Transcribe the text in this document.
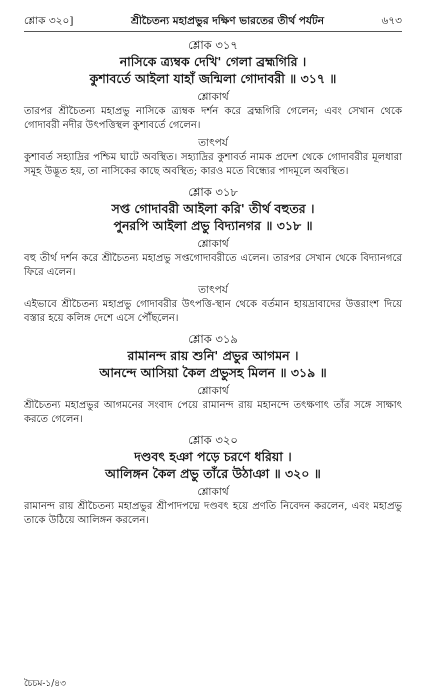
শ্লোক ৩২০]	শ্রীচৈতন্য মহাপ্রভুর দক্ষিণ ভারতের তীর্থ পর্যটন	৬৭৩
শ্লোক ৩১৭
নাসিকে ত্র্যম্বক দেখি' গেলা ব্রহ্মগিরি ।
কুশাবর্তে আইলা যাহাঁ জন্মিলা গোদাবরী ॥ ৩১৭ ॥
শ্লোকার্থ

তারপর শ্রীচৈতন্য মহাপ্রভু নাসিকে ত্র্যম্বক দর্শন করে ব্রহ্মগিরি গেলেন; এবং সেখান থেকে গোদাবরী নদীর উৎপত্তিস্থল কুশাবর্তে গেলেন।

তাৎপর্য

কুশাবর্ত সহ্যাদ্রির পশ্চিম ঘাটে অবস্থিত। সহ্যাদ্রির কুশাবর্ত নামক প্রদেশ থেকে গোদাবরীর মূলধারা সমূহ উদ্ভূত হয়, তা নাসিকের কাছে অবস্থিত; কারও মতে বিন্ধ্যের পাদমূলে অবস্থিত।

শ্লোক ৩১৮
সপ্ত গোদাবরী আইলা করি' তীর্থ বহুতর ।
পুনরপি আইলা প্রভু বিদ্যানগর ॥ ৩১৮ ॥
শ্লোকার্থ

বহু তীর্থ দর্শন করে শ্রীচৈতন্য মহাপ্রভু সপ্তগোদাবরীতে এলেন। তারপর সেখান থেকে বিদ্যানগরে ফিরে এলেন।

তাৎপর্য

এইভাবে শ্রীচৈতন্য মহাপ্রভু গোদাবরীর উৎপত্তি-স্থান থেকে বর্তমান হায়দ্রাবাদের উত্তরাংশ দিয়ে বস্তার হয়ে কলিঙ্গ দেশে এসে পৌঁছলেন।

শ্লোক ৩১৯
রামানন্দ রায় শুনি' প্রভুর আগমন ।
আনন্দে আসিয়া কৈল প্রভুসহ মিলন ॥ ৩১৯ ॥
শ্লোকার্থ

শ্রীচৈতন্য মহাপ্রভুর আগমনের সংবাদ পেয়ে রামানন্দ রায় মহানন্দে তৎক্ষণাৎ তাঁর সঙ্গে সাক্ষাৎ করতে গেলেন।

শ্লোক ৩২০
দণ্ডবৎ হঞা পড়ে চরণে ধরিয়া ।
আলিঙ্গন কৈল প্রভু তাঁরে উঠাঞা ॥ ৩২০ ॥
শ্লোকার্থ

রামানন্দ রায় শ্রীচৈতন্য মহাপ্রভুর শ্রীপাদপদ্মে দণ্ডবৎ হয়ে প্রণতি নিবেদন করলেন, এবং মহাপ্রভু তাকে উঠিয়ে আলিঙ্গন করলেন।

চৈচম-১/৪৩
